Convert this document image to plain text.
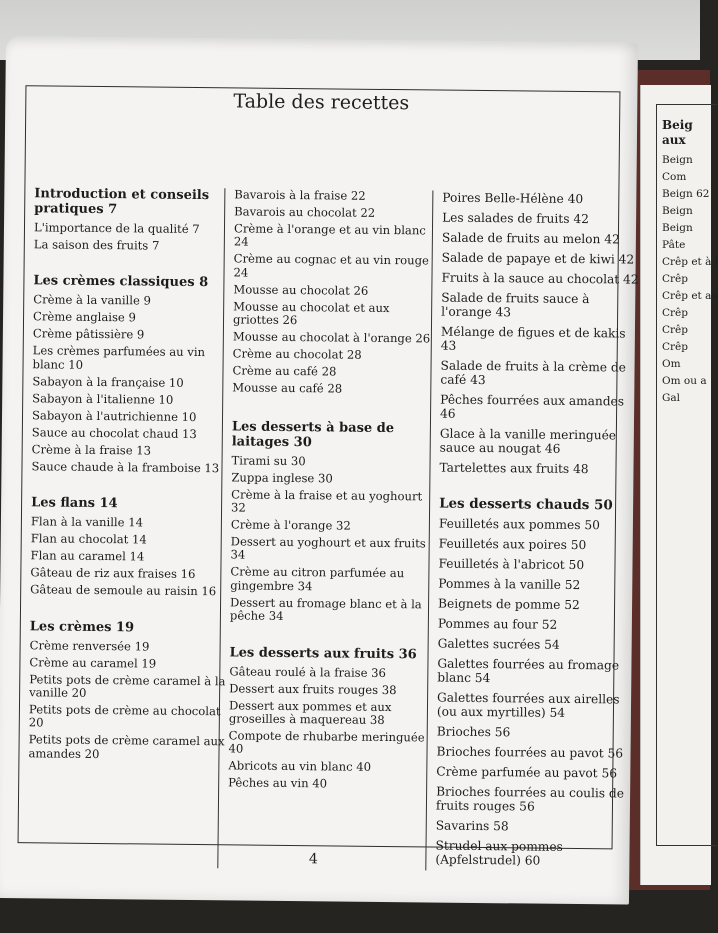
Beig aux
Beign
Com
Beign 62
Beign
Beign
Pâte
Crêp et à l
Crêp
Crêp et au
Crêp
Crêp
Crêp
Om
Om ou a
Gal
Table des recettes
Introduction et conseils pratiques 7
L'importance de la qualité 7
La saison des fruits 7
Les crèmes classiques 8
Crème à la vanille 9
Crème anglaise 9
Crème pâtissière 9
Les crèmes parfumées au vin blanc 10
Sabayon à la française 10
Sabayon à l'italienne 10
Sabayon à l'autrichienne 10
Sauce au chocolat chaud 13
Crème à la fraise 13
Sauce chaude à la framboise 13
Les flans 14
Flan à la vanille 14
Flan au chocolat 14
Flan au caramel 14
Gâteau de riz aux fraises 16
Gâteau de semoule au raisin 16
Les crèmes 19
Crème renversée 19
Crème au caramel 19
Petits pots de crème caramel à la vanille 20
Petits pots de crème au chocolat 20
Petits pots de crème caramel aux amandes 20
Bavarois à la fraise 22
Bavarois au chocolat 22
Crème à l'orange et au vin blanc 24
Crème au cognac et au vin rouge 24
Mousse au chocolat 26
Mousse au chocolat et aux griottes 26
Mousse au chocolat à l'orange 26
Crème au chocolat 28
Crème au café 28
Mousse au café 28
Les desserts à base de laitages 30
Tirami su 30
Zuppa inglese 30
Crème à la fraise et au yoghourt 32
Crème à l'orange 32
Dessert au yoghourt et aux fruits 34
Crème au citron parfumée au gingembre 34
Dessert au fromage blanc et à la pêche 34
Les desserts aux fruits 36
Gâteau roulé à la fraise 36
Dessert aux fruits rouges 38
Dessert aux pommes et aux groseilles à maquereau 38
Compote de rhubarbe meringuée 40
Abricots au vin blanc 40
Pêches au vin 40
Poires Belle-Hélène 40
Les salades de fruits 42
Salade de fruits au melon 42
Salade de papaye et de kiwi 42
Fruits à la sauce au chocolat 42
Salade de fruits sauce à l'orange 43
Mélange de figues et de kakis 43
Salade de fruits à la crème de café 43
Pêches fourrées aux amandes 46
Glace à la vanille meringuée sauce au nougat 46
Tartelettes aux fruits 48
Les desserts chauds 50
Feuilletés aux pommes 50
Feuilletés aux poires 50
Feuilletés à l'abricot 50
Pommes à la vanille 52
Beignets de pomme 52
Pommes au four 52
Galettes sucrées 54
Galettes fourrées au fromage blanc 54
Galettes fourrées aux airelles (ou aux myrtilles) 54
Brioches 56
Brioches fourrées au pavot 56
Crème parfumée au pavot 56
Brioches fourrées au coulis de fruits rouges 56
Savarins 58
Strudel aux pommes (Apfelstrudel) 60
4
